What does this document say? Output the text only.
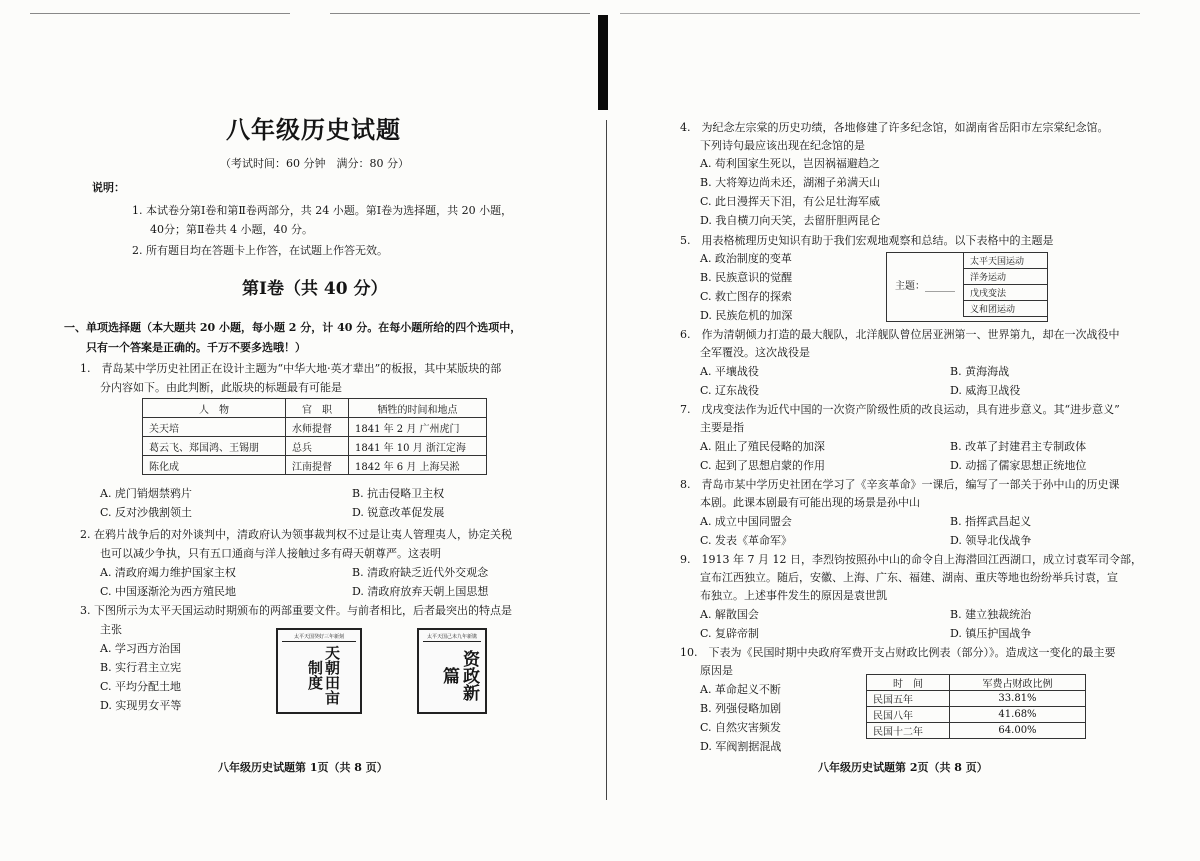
八年级历史试题
（考试时间：60 分钟　满分：80 分）
说明：
1. 本试卷分第Ⅰ卷和第Ⅱ卷两部分，共 24 小题。第Ⅰ卷为选择题，共 20 小题，
40分；第Ⅱ卷共 4 小题，40 分。
2. 所有题目均在答题卡上作答，在试题上作答无效。
第Ⅰ卷（共 40 分）
一、单项选择题（本大题共 20 小题，每小题 2 分，计 40 分。在每小题所给的四个选项中，
只有一个答案是正确的。千万不要多选哦！）
1.　青岛某中学历史社团正在设计主题为“中华大地·英才辈出”的板报，其中某版块的部
分内容如下。由此判断，此版块的标题最有可能是
人　物	官　职	牺牲的时间和地点
关天培	水师提督	1841 年 2 月 广州虎门
葛云飞、郑国鸿、王锡朋	总兵	1841 年 10 月 浙江定海
陈化成	江南提督	1842 年 6 月 上海吴淞
A. 虎门销烟禁鸦片	B. 抗击侵略卫主权
C. 反对沙俄割领土	D. 锐意改革促发展
2. 在鸦片战争后的对外谈判中，清政府认为领事裁判权不过是让夷人管理夷人，协定关税
也可以减少争执，只有五口通商与洋人接触过多有碍天朝尊严。这表明
A. 清政府竭力维护国家主权	B. 清政府缺乏近代外交观念
C. 中国逐渐沦为西方殖民地	D. 清政府放弃天朝上国思想
3. 下图所示为太平天国运动时期颁布的两部重要文件。与前者相比，后者最突出的特点是
主张
A. 学习西方治国
B. 实行君主立宪
C. 平均分配土地
D. 实现男女平等
太平天国癸好三年新刻
天朝田亩制度
太平天国己未九年新镌
资政新篇
八年级历史试题第 1页（共 8 页）
4.　为纪念左宗棠的历史功绩，各地修建了许多纪念馆，如湖南省岳阳市左宗棠纪念馆。
下列诗句最应该出现在纪念馆的是
A. 苟利国家生死以，岂因祸福避趋之
B. 大将筹边尚未还，湖湘子弟满天山
C. 此日漫挥天下泪，有公足壮海军威
D. 我自横刀向天笑，去留肝胆两昆仑
5.　用表格梳理历史知识有助于我们宏观地观察和总结。以下表格中的主题是
A. 政治制度的变革
B. 民族意识的觉醒
C. 救亡图存的探索
D. 民族危机的加深
主题：______
太平天国运动
洋务运动
戊戌变法
义和团运动
6.　作为清朝倾力打造的最大舰队，北洋舰队曾位居亚洲第一、世界第九，却在一次战役中
全军覆没。这次战役是
A. 平壤战役	B. 黄海海战
C. 辽东战役	D. 威海卫战役
7.　戊戌变法作为近代中国的一次资产阶级性质的改良运动，具有进步意义。其“进步意义”
主要是指
A. 阻止了殖民侵略的加深	B. 改革了封建君主专制政体
C. 起到了思想启蒙的作用	D. 动摇了儒家思想正统地位
8.　青岛市某中学历史社团在学习了《辛亥革命》一课后，编写了一部关于孙中山的历史课
本剧。此课本剧最有可能出现的场景是孙中山
A. 成立中国同盟会	B. 指挥武昌起义
C. 发表《革命军》	D. 领导北伐战争
9.　1913 年 7 月 12 日，李烈钧按照孙中山的命令自上海潜回江西湖口，成立讨袁军司令部，
宣布江西独立。随后，安徽、上海、广东、福建、湖南、重庆等地也纷纷举兵讨袁，宣
布独立。上述事件发生的原因是袁世凯
A. 解散国会	B. 建立独裁统治
C. 复辟帝制	D. 镇压护国战争
10.　下表为《民国时期中央政府军费开支占财政比例表（部分）》。造成这一变化的最主要
原因是
A. 革命起义不断
B. 列强侵略加剧
C. 自然灾害频发
D. 军阀割据混战
时　间	军费占财政比例
民国五年	33.81%
民国八年	41.68%
民国十二年	64.00%
八年级历史试题第 2页（共 8 页）
